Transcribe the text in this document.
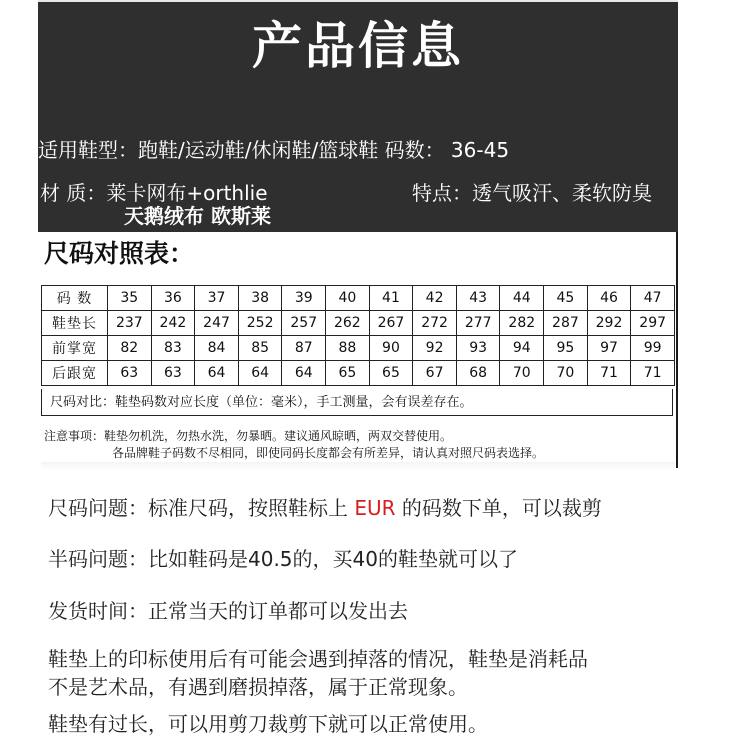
产品信息
适用鞋型：跑鞋/运动鞋/休闲鞋/篮球鞋 码数： 36-45
材 质：莱卡网布+orthlie	特点：透气吸汗、柔软防臭
天鹅绒布 欧斯莱
尺码对照表：
码 数	35	36	37	38	39	40	41	42	43	44	45	46	47
鞋垫长	237	242	247	252	257	262	267	272	277	282	287	292	297
前掌宽	82	83	84	85	87	88	90	92	93	94	95	97	99
后跟宽	63	63	64	64	64	65	65	67	68	70	70	71	71
尺码对比：鞋垫码数对应长度（单位：毫米），手工测量，会有误差存在。
注意事项：鞋垫勿机洗，勿热水洗，勿暴晒。建议通风晾晒，两双交替使用。
各品牌鞋子码数不尽相同，即使同码长度都会有所差异，请认真对照尺码表选择。
尺码问题：标准尺码，按照鞋标上 EUR 的码数下单，可以裁剪
半码问题：比如鞋码是40.5的，买40的鞋垫就可以了
发货时间：正常当天的订单都可以发出去
鞋垫上的印标使用后有可能会遇到掉落的情况，鞋垫是消耗品
不是艺术品，有遇到磨损掉落，属于正常现象。
鞋垫有过长，可以用剪刀裁剪下就可以正常使用。
